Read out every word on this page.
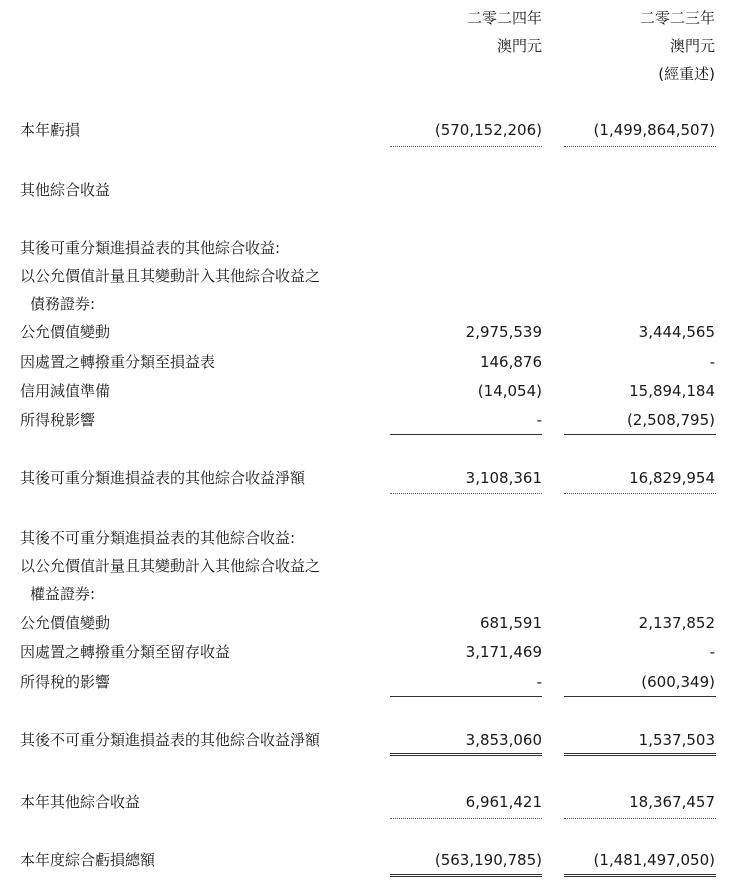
二零二四年	二零二三年
澳門元	澳門元
(經重述)
本年虧損	(570,152,206)	(1,499,864,507)
其他綜合收益
其後可重分類進損益表的其他綜合收益:
以公允價值計量且其變動計入其他綜合收益之
債務證券:
公允價值變動	2,975,539	3,444,565
因處置之轉撥重分類至損益表	146,876	-
信用減值準備	(14,054)	15,894,184
所得稅影響	-	(2,508,795)
其後可重分類進損益表的其他綜合收益淨額	3,108,361	16,829,954
其後不可重分類進損益表的其他綜合收益:
以公允價值計量且其變動計入其他綜合收益之
權益證券:
公允價值變動	681,591	2,137,852
因處置之轉撥重分類至留存收益	3,171,469	-
所得稅的影響	-	(600,349)
其後不可重分類進損益表的其他綜合收益淨額	3,853,060	1,537,503
本年其他綜合收益	6,961,421	18,367,457
本年度綜合虧損總額	(563,190,785)	(1,481,497,050)
